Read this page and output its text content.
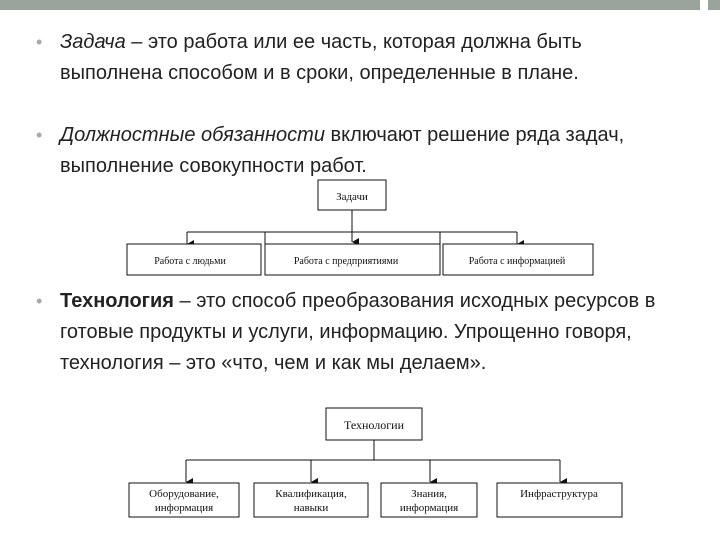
• Задача – это работа или ее часть, которая должна быть выполнена способом и в сроки, определенные в плане.
• Должностные обязанности включают решение ряда задач, выполнение совокупности работ.
Задачи
Работа с людьми	Работа с предприятиями	Работа с информацией
Технологии
Оборудование,
информация
Квалификация,
навыки
Знания,
информация
Инфраструктура
• Технология – это способ преобразования исходных ресурсов в готовые продукты и услуги, информацию. Упрощенно говоря, технология – это «что, чем и как мы делаем».
